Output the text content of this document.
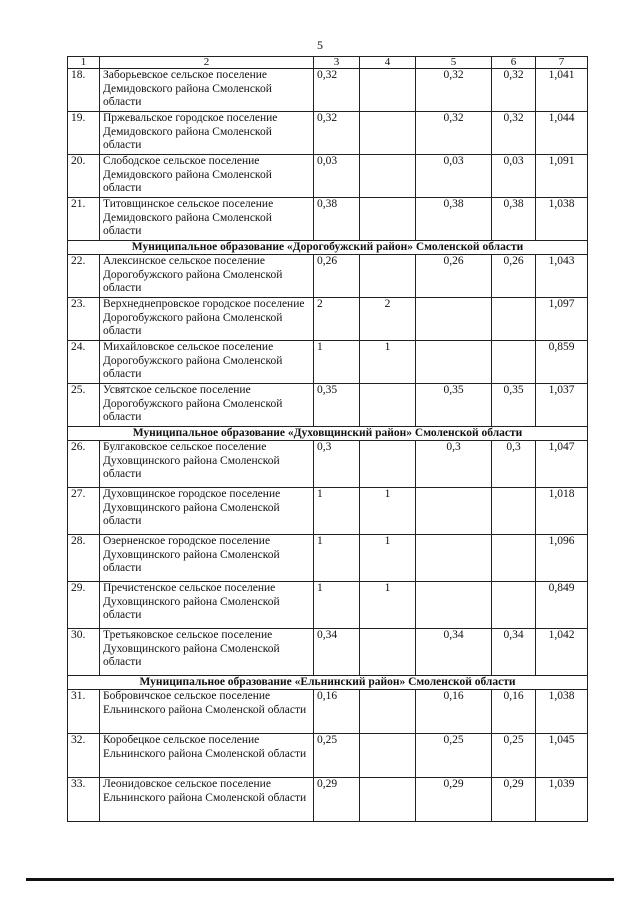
5
1	2	3	4	5	6	7
18.	Заборьевское сельское поселение Демидовского района Смоленской области	0,32		0,32	0,32	1,041
19.	Пржевальское городское поселение Демидовского района Смоленской области	0,32		0,32	0,32	1,044
20.	Слободское сельское поселение Демидовского района Смоленской области	0,03		0,03	0,03	1,091
21.	Титовщинское сельское поселение Демидовского района Смоленской области	0,38		0,38	0,38	1,038
Муниципальное образование «Дорогобужский район» Смоленской области						
22.	Алексинское сельское поселение Дорогобужского района Смоленской области	0,26		0,26	0,26	1,043
23.	Верхнеднепровское городское поселение Дорогобужского района Смоленской области	2	2			1,097
24.	Михайловское сельское поселение Дорогобужского района Смоленской области	1	1			0,859
25.	Усвятское сельское поселение Дорогобужского района Смоленской области	0,35		0,35	0,35	1,037
Муниципальное образование «Духовщинский район» Смоленской области						
26.	Булгаковское сельское поселение Духовщинского района Смоленской области	0,3		0,3	0,3	1,047
27.	Духовщинское городское поселение Духовщинского района Смоленской области	1	1			1,018
28.	Озерненское городское поселение Духовщинского района Смоленской области	1	1			1,096
29.	Пречистенское сельское поселение Духовщинского района Смоленской области	1	1			0,849
30.	Третьяковское сельское поселение Духовщинского района Смоленской области	0,34		0,34	0,34	1,042
Муниципальное образование «Ельнинский район» Смоленской области						
31.	Бобровичское сельское поселение Ельнинского района Смоленской области	0,16		0,16	0,16	1,038
32.	Коробецкое сельское поселение Ельнинского района Смоленской области	0,25		0,25	0,25	1,045
33.	Леонидовское сельское поселение Ельнинского района Смоленской области	0,29		0,29	0,29	1,039
